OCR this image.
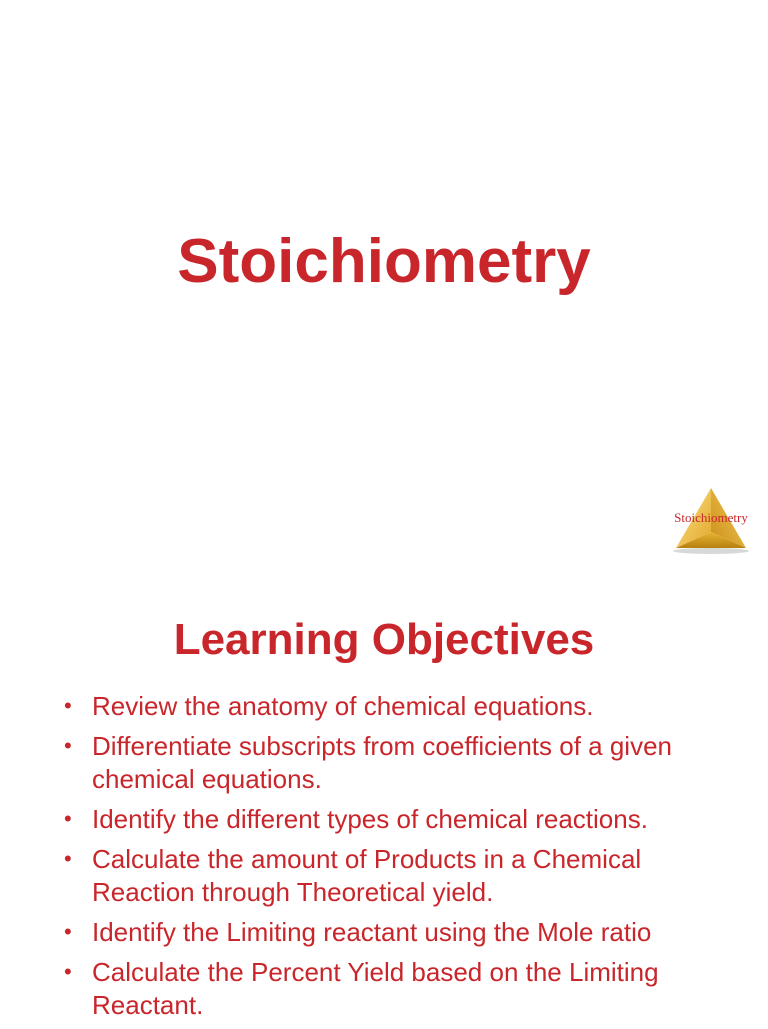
Stoichiometry
Stoichiometry
Learning Objectives
• Review the anatomy of chemical equations.
• Differentiate subscripts from coefficients of a given chemical equations.
• Identify the different types of chemical reactions.
• Calculate the amount of Products in a Chemical Reaction through Theoretical yield.
• Identify the Limiting reactant using the Mole ratio
• Calculate the Percent Yield based on the Limiting Reactant.
